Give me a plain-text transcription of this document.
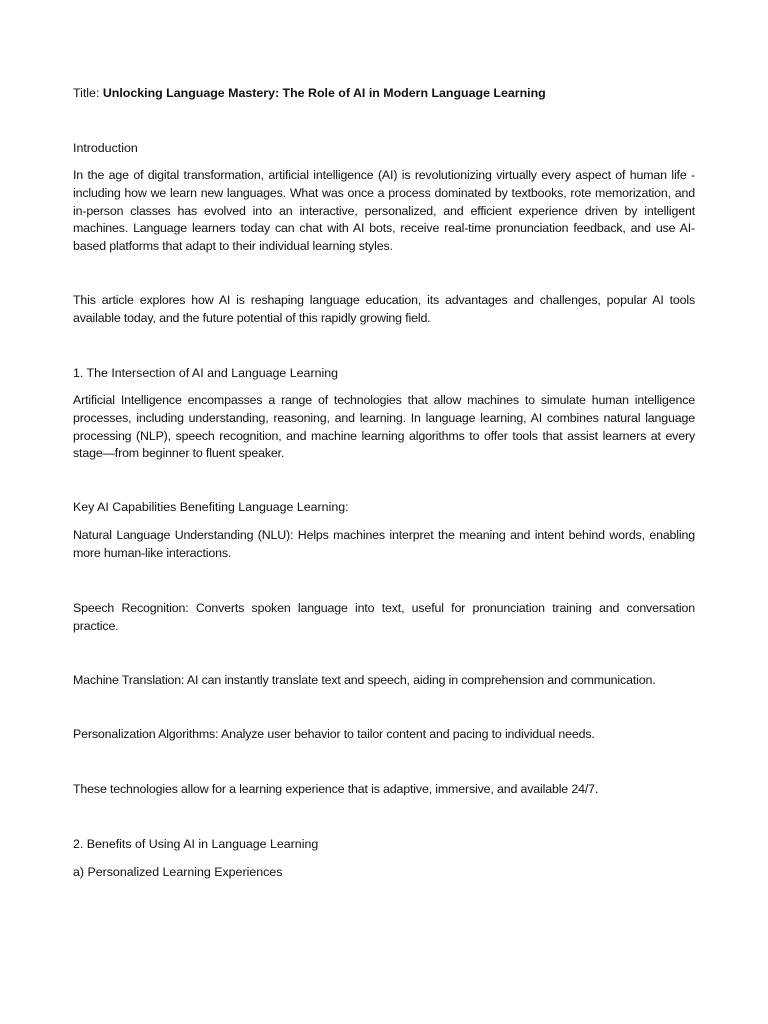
Title: Unlocking Language Mastery: The Role of AI in Modern Language Learning
Introduction
In the age of digital transformation, artificial intelligence (AI) is revolutionizing virtually every aspect of human life - including how we learn new languages. What was once a process dominated by textbooks, rote memorization, and in-person classes has evolved into an interactive, personalized, and efficient experience driven by intelligent machines. Language learners today can chat with AI bots, receive real-time pronunciation feedback, and use AI-based platforms that adapt to their individual learning styles.
This article explores how AI is reshaping language education, its advantages and challenges, popular AI tools available today, and the future potential of this rapidly growing field.
1. The Intersection of AI and Language Learning
Artificial Intelligence encompasses a range of technologies that allow machines to simulate human intelligence processes, including understanding, reasoning, and learning. In language learning, AI combines natural language processing (NLP), speech recognition, and machine learning algorithms to offer tools that assist learners at every stage—from beginner to fluent speaker.
Key AI Capabilities Benefiting Language Learning:
Natural Language Understanding (NLU): Helps machines interpret the meaning and intent behind words, enabling more human-like interactions.
Speech Recognition: Converts spoken language into text, useful for pronunciation training and conversation practice.
Machine Translation: AI can instantly translate text and speech, aiding in comprehension and communication.
Personalization Algorithms: Analyze user behavior to tailor content and pacing to individual needs.
These technologies allow for a learning experience that is adaptive, immersive, and available 24/7.
2. Benefits of Using AI in Language Learning
a) Personalized Learning Experiences
